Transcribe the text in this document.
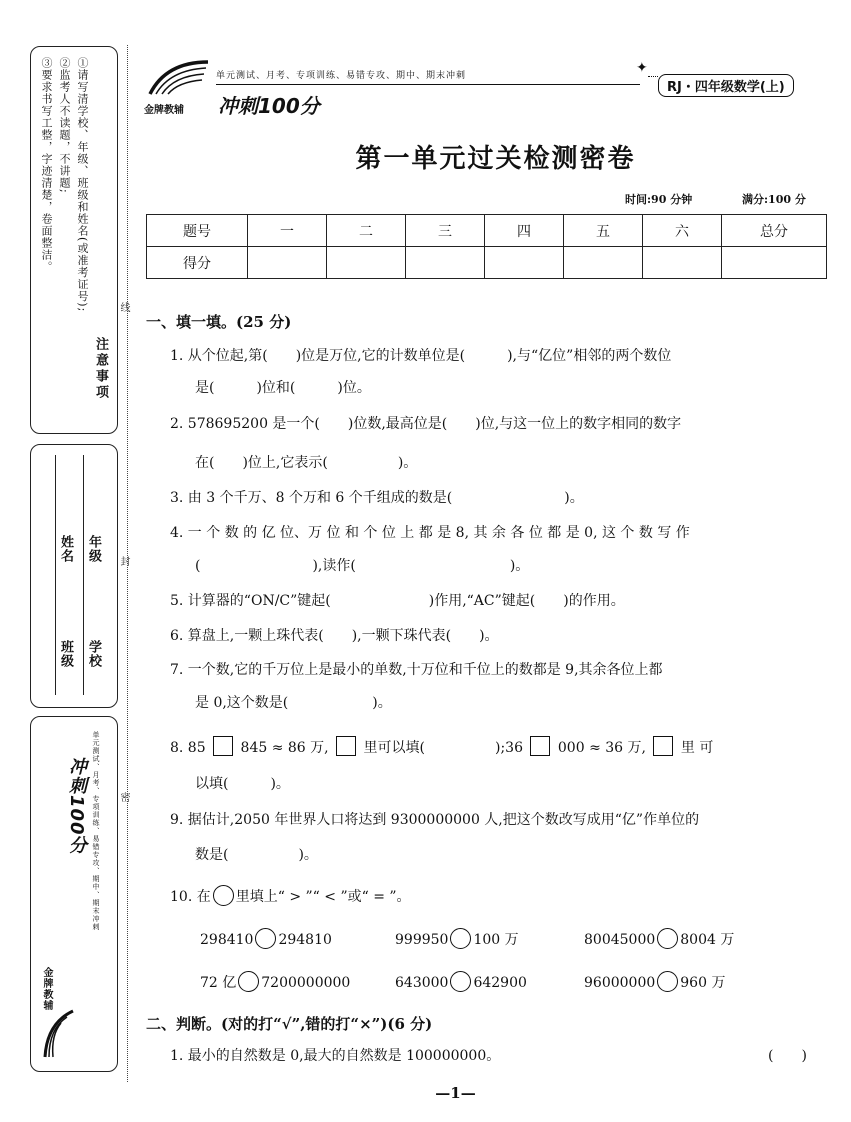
注意事项
①请写清学校、年级、班级和姓名(或准考证号);
②监考人不读题，不讲题;
③要求书写工整，字迹清楚，卷面整洁。
学校
年级
班级
姓名
单元测试、月考、专项训练、易错专攻、期中、期末冲刺
冲刺100分
金牌教辅
线
封
密
金牌教辅
单元测试、月考、专项训练、易错专攻、期中、期末冲刺
冲刺100分
✦
RJ・四年级数学(上)
第一单元过关检测密卷
时间:90 分钟	满分:100 分
题号	一	二	三	四	五	六	总分
得分							
一、填一填。(25 分)
1. 从个位起,第(　　)位是万位,它的计数单位是(　　　),与“亿位”相邻的两个数位
是(　　　)位和(　　　)位。
2. 578695200 是一个(　　)位数,最高位是(　　)位,与这一位上的数字相同的数字
在(　　)位上,它表示(　　　　　)。
3. 由 3 个千万、8 个万和 6 个千组成的数是(　　　　　　　　)。
4. 一 个 数 的 亿 位、万 位 和 个 位 上 都 是 8, 其 余 各 位 都 是 0, 这 个 数 写 作
(　　　　　　　　),读作(　　　　　　　　　　　)。
5. 计算器的“ON/C”键起(　　　　　　　)作用,“AC”键起(　　)的作用。
6. 算盘上,一颗上珠代表(　　),一颗下珠代表(　　)。
7. 一个数,它的千万位上是最小的单数,十万位和千位上的数都是 9,其余各位上都
是 0,这个数是(　　　　　　)。
8. 85 845 ≈ 86 万, 里可以填(　　　　　);36 000 ≈ 36 万, 里 可
以填(　　　)。
9. 据估计,2050 年世界人口将达到 9300000000 人,把这个数改写成用“亿”作单位的
数是(　　　　　)。
10. 在 里填上“ > ”“ < ”或“ = ”。
298410 294810	999950 100 万	80045000 8004 万
72 亿 7200000000	643000 642900	96000000 960 万
二、判断。(对的打“√”,错的打“×”)(6 分)
1. 最小的自然数是 0,最大的自然数是 100000000。	(　　)
—1—
